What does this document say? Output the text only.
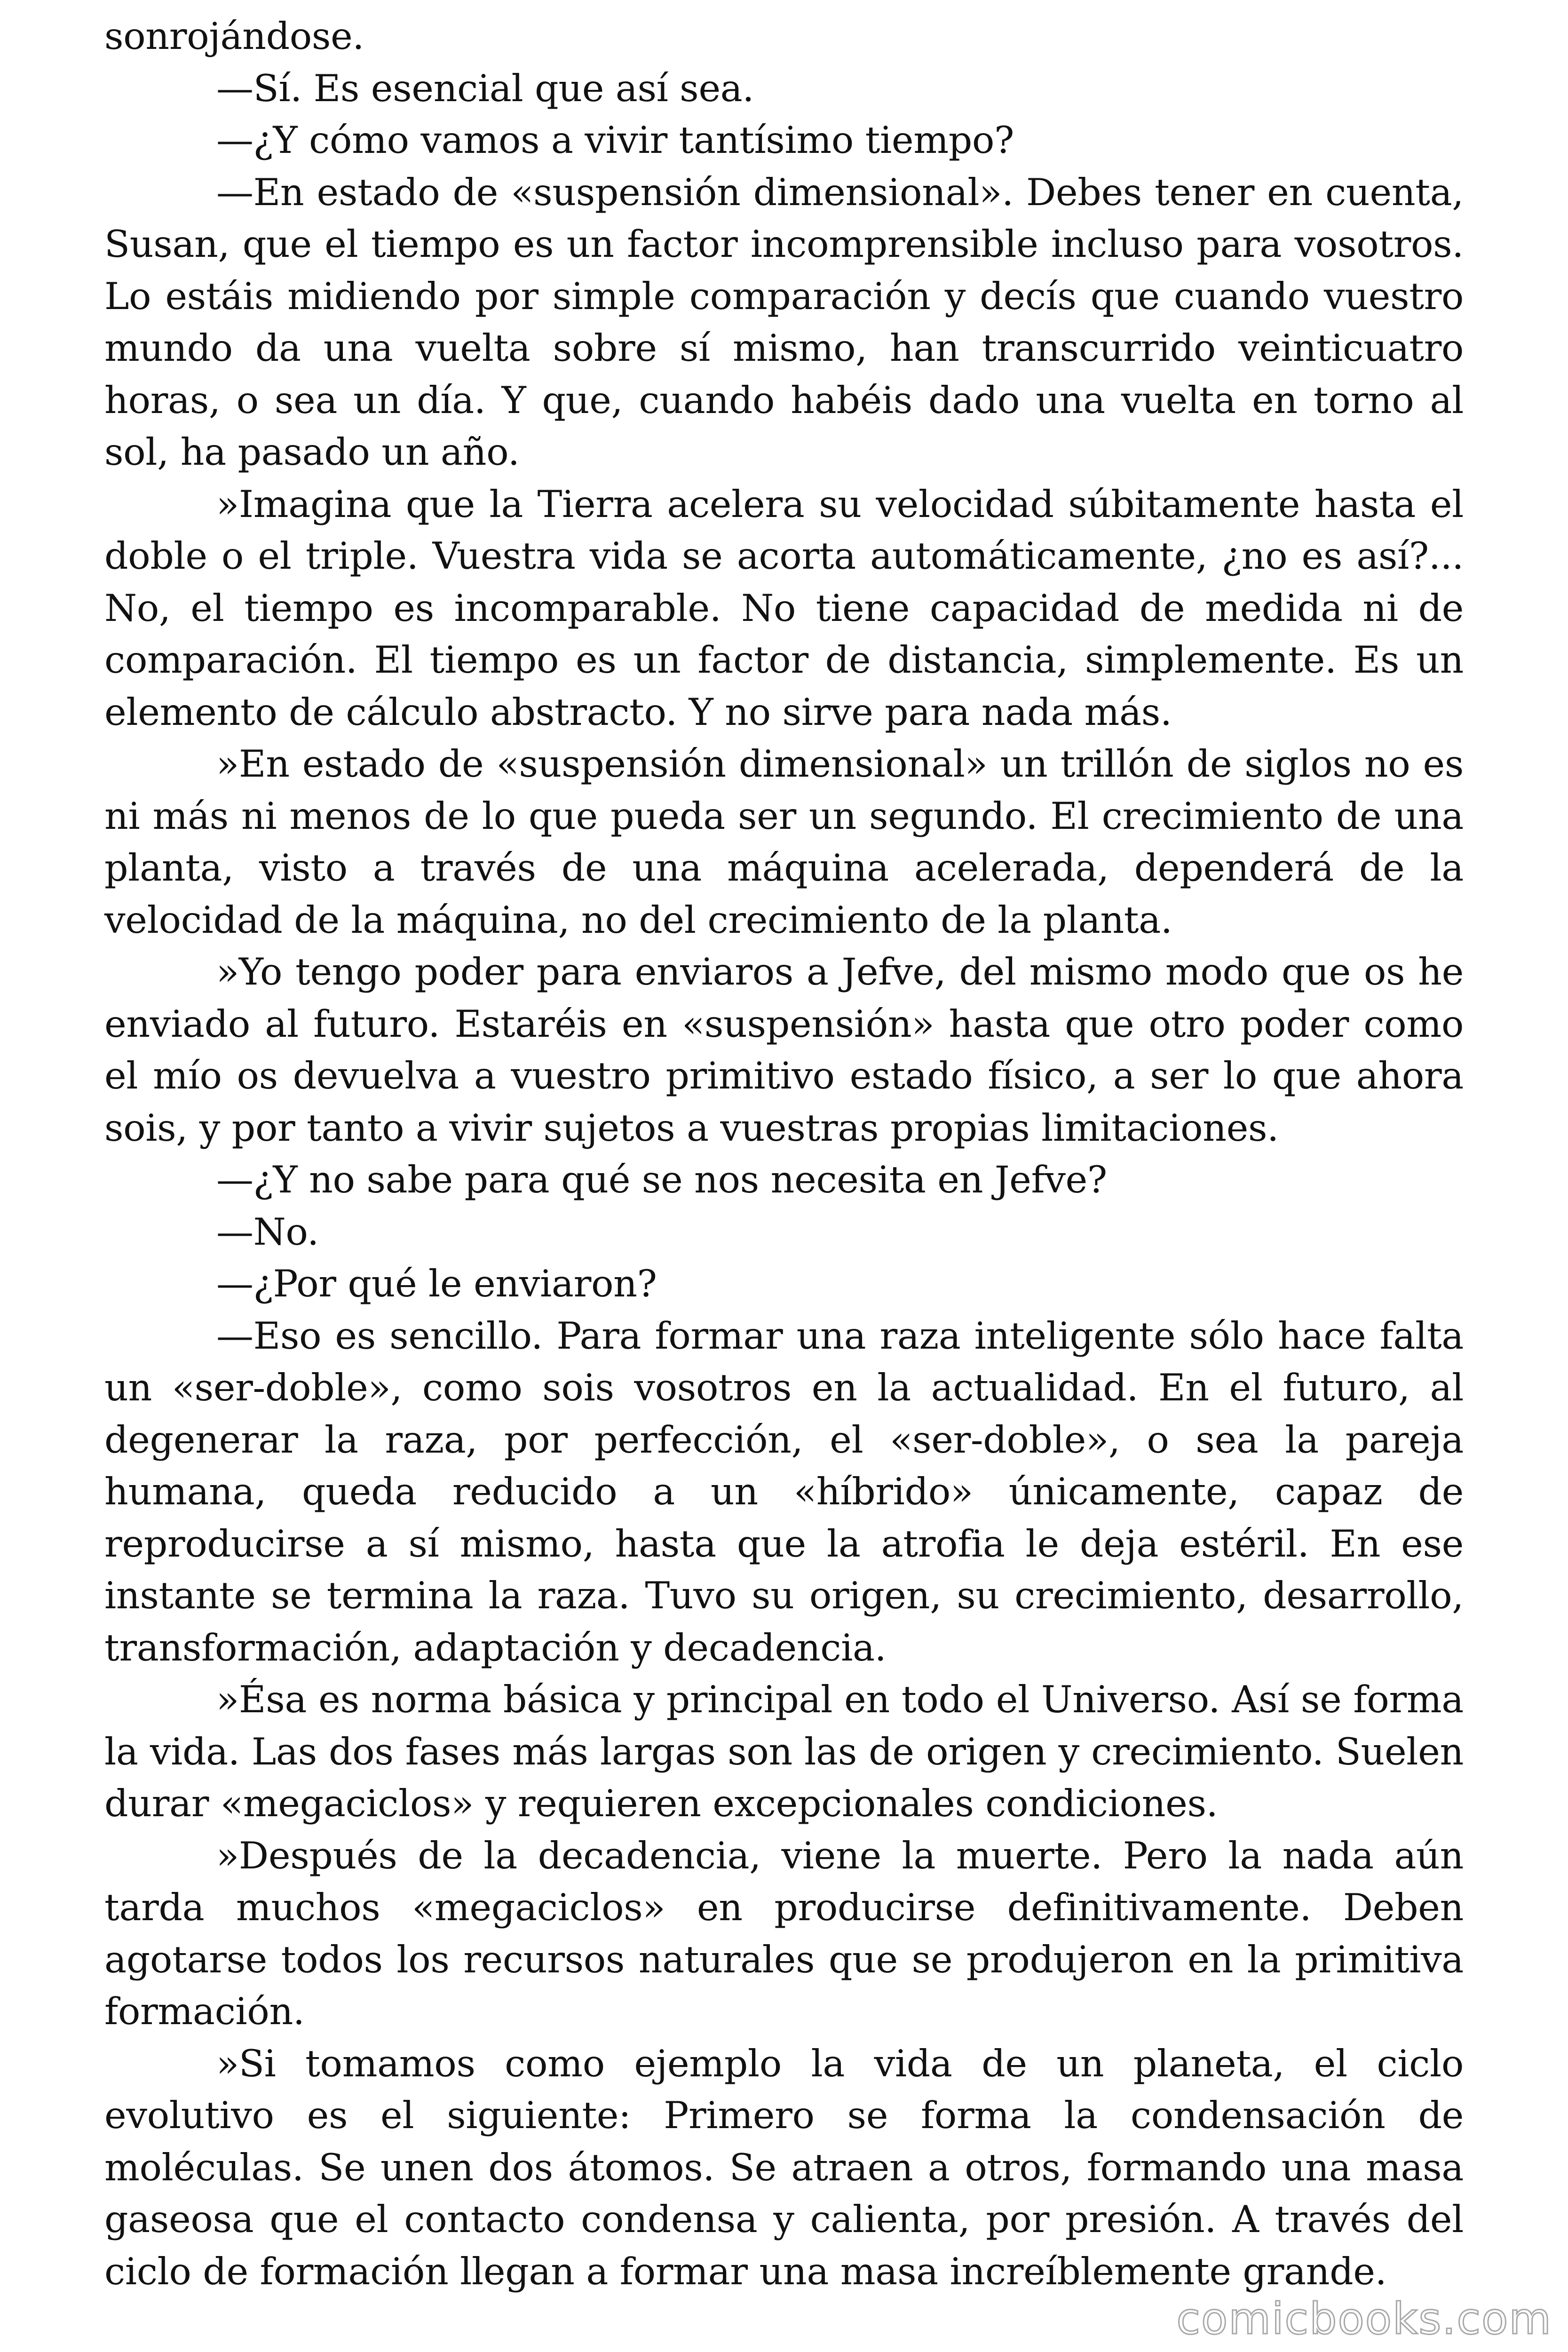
sonrojándose.

—Sí. Es esencial que así sea.

—¿Y cómo vamos a vivir tantísimo tiempo?

—En estado de «suspensión dimensional». Debes tener en cuenta, Susan, que el tiempo es un factor incomprensible incluso para vosotros. Lo estáis midiendo por simple comparación y decís que cuando vuestro mundo da una vuelta sobre sí mismo, han transcurrido veinticuatro horas, o sea un día. Y que, cuando habéis dado una vuelta en torno al sol, ha pasado un año.

»Imagina que la Tierra acelera su velocidad súbitamente hasta el doble o el triple. Vuestra vida se acorta automáticamente, ¿no es así?... No, el tiempo es incomparable. No tiene capacidad de medida ni de comparación. El tiempo es un factor de distancia, simplemente. Es un elemento de cálculo abstracto. Y no sirve para nada más.

»En estado de «suspensión dimensional» un trillón de siglos no es ni más ni menos de lo que pueda ser un segundo. El crecimiento de una planta, visto a través de una máquina acelerada, dependerá de la velocidad de la máquina, no del crecimiento de la planta.

»Yo tengo poder para enviaros a Jefve, del mismo modo que os he enviado al futuro. Estaréis en «suspensión» hasta que otro poder como el mío os devuelva a vuestro primitivo estado físico, a ser lo que ahora sois, y por tanto a vivir sujetos a vuestras propias limitaciones.

—¿Y no sabe para qué se nos necesita en Jefve?

—No.

—¿Por qué le enviaron?

—Eso es sencillo. Para formar una raza inteligente sólo hace falta un «ser-doble», como sois vosotros en la actualidad. En el futuro, al degenerar la raza, por perfección, el «ser-doble», o sea la pareja humana, queda reducido a un «híbrido» únicamente, capaz de reproducirse a sí mismo, hasta que la atrofia le deja estéril. En ese instante se termina la raza. Tuvo su origen, su crecimiento, desarrollo, transformación, adaptación y decadencia.

»Ésa es norma básica y principal en todo el Universo. Así se forma la vida. Las dos fases más largas son las de origen y crecimiento. Suelen durar «megaciclos» y requieren excepcionales condiciones.

»Después de la decadencia, viene la muerte. Pero la nada aún tarda muchos «megaciclos» en producirse definitivamente. Deben agotarse todos los recursos naturales que se produjeron en la primitiva formación.

»Si tomamos como ejemplo la vida de un planeta, el ciclo evolutivo es el siguiente: Primero se forma la condensación de moléculas. Se unen dos átomos. Se atraen a otros, formando una masa gaseosa que el contacto condensa y calienta, por presión. A través del ciclo de formación llegan a formar una masa increíblemente grande.

comicbooks.com
